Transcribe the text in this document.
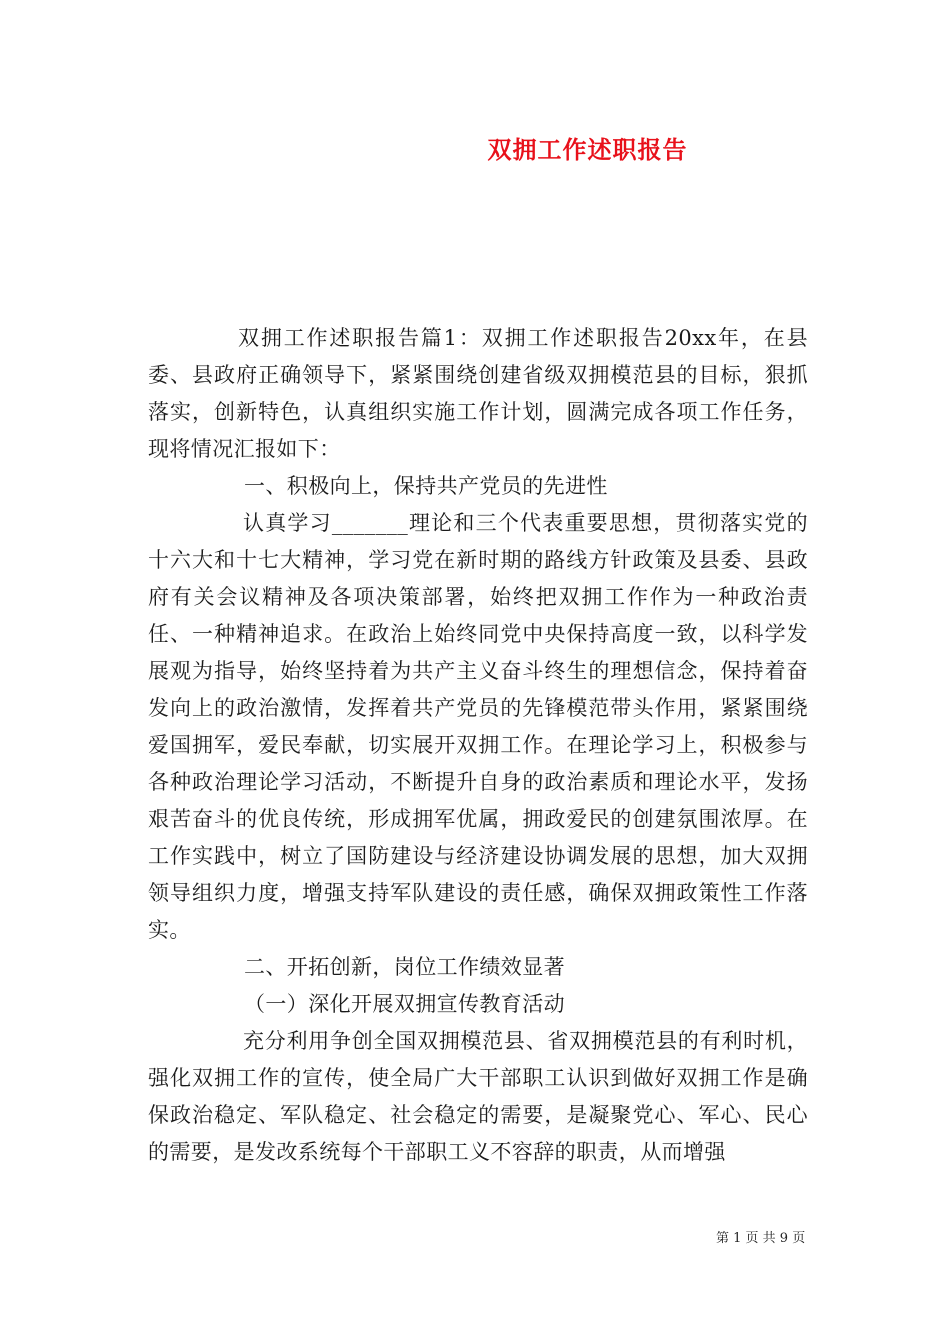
双拥工作述职报告

双拥工作述职报告篇1：双拥工作述职报告20xx年，在县委、县政府正确领导下，紧紧围绕创建省级双拥模范县的目标，狠抓落实，创新特色，认真组织实施工作计划，圆满完成各项工作任务，现将情况汇报如下：

一、积极向上，保持共产党员的先进性

认真学习_______理论和三个代表重要思想，贯彻落实党的十六大和十七大精神，学习党在新时期的路线方针政策及县委、县政府有关会议精神及各项决策部署，始终把双拥工作作为一种政治责任、一种精神追求。在政治上始终同党中央保持高度一致，以科学发展观为指导，始终坚持着为共产主义奋斗终生的理想信念，保持着奋发向上的政治激情，发挥着共产党员的先锋模范带头作用，紧紧围绕爱国拥军，爱民奉献，切实展开双拥工作。在理论学习上，积极参与各种政治理论学习活动，不断提升自身的政治素质和理论水平，发扬艰苦奋斗的优良传统，形成拥军优属，拥政爱民的创建氛围浓厚。在工作实践中，树立了国防建设与经济建设协调发展的思想，加大双拥领导组织力度，增强支持军队建设的责任感，确保双拥政策性工作落实。

二、开拓创新，岗位工作绩效显著

（一）深化开展双拥宣传教育活动

充分利用争创全国双拥模范县、省双拥模范县的有利时机，强化双拥工作的宣传，使全局广大干部职工认识到做好双拥工作是确保政治稳定、军队稳定、社会稳定的需要，是凝聚党心、军心、民心的需要，是发改系统每个干部职工义不容辞的职责，从而增强

第 1 页 共 9 页
